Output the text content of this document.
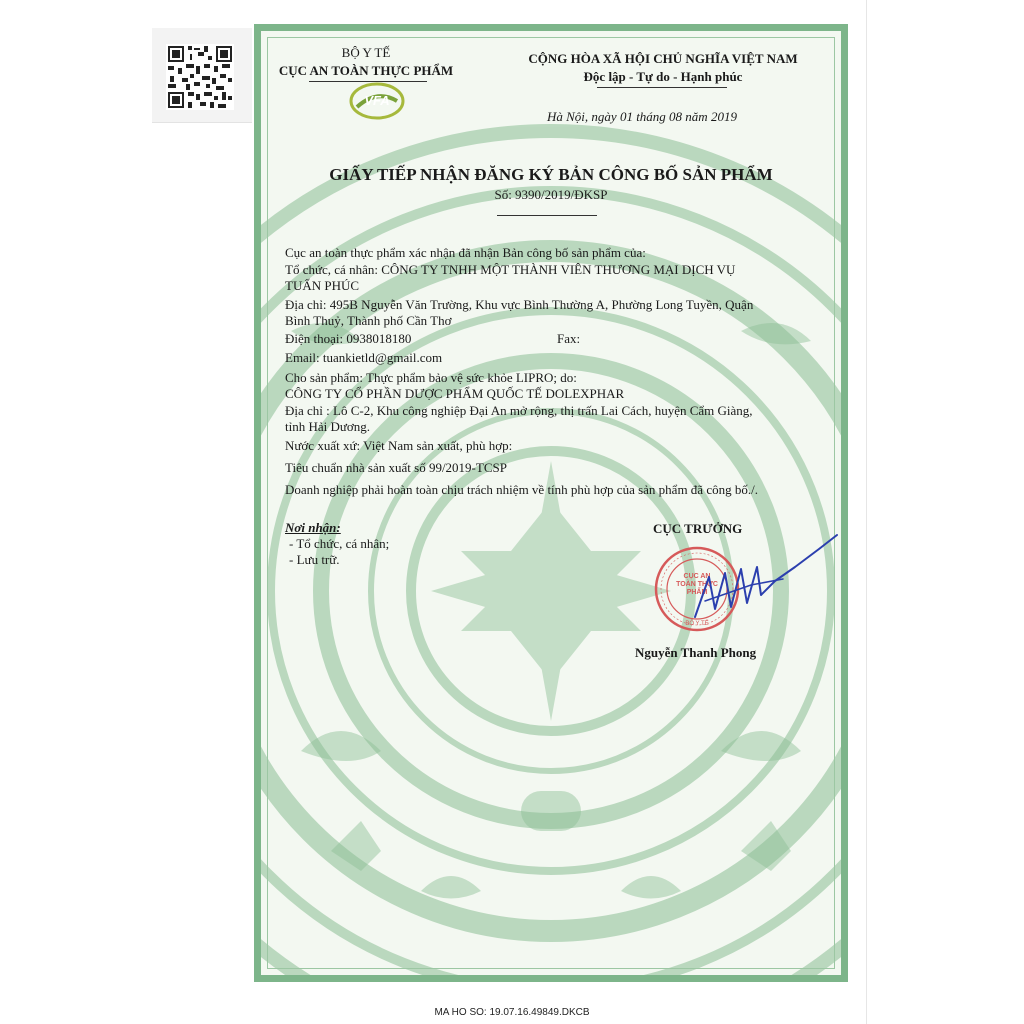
BỘ Y TẾ
CỤC AN TOÀN THỰC PHẨM
VFA
CỘNG HÒA XÃ HỘI CHỦ NGHĨA VIỆT NAM
Độc lập - Tự do - Hạnh phúc
Hà Nội, ngày 01 tháng 08 năm 2019
GIẤY TIẾP NHẬN ĐĂNG KÝ BẢN CÔNG BỐ SẢN PHẨM
Số: 9390/2019/ĐKSP
Cục an toàn thực phẩm xác nhận đã nhận Bản công bố sản phẩm của:
Tổ chức, cá nhân: CÔNG TY TNHH MỘT THÀNH VIÊN THƯƠNG MẠI DỊCH VỤ
TUẤN PHÚC
Địa chỉ: 495B Nguyễn Văn Trường, Khu vực Bình Thường A, Phường Long Tuyền, Quận
Bình Thuỷ, Thành phố Cần Thơ
Điện thoại: 0938018180	Fax:
Email: tuankietld@gmail.com
Cho sản phẩm: Thực phẩm bảo vệ sức khỏe LIPRO; do:
CÔNG TY CỔ PHẦN DƯỢC PHẨM QUỐC TẾ DOLEXPHAR
Địa chỉ : Lô C-2, Khu công nghiệp Đại An mở rộng, thị trấn Lai Cách, huyện Cẩm Giàng,
tỉnh Hải Dương.
Nước xuất xứ: Việt Nam sản xuất, phù hợp:
Tiêu chuẩn nhà sản xuất số 99/2019-TCSP
Doanh nghiệp phải hoàn toàn chịu trách nhiệm về tính phù hợp của sản phẩm đã công bố./.
Nơi nhận:
- Tổ chức, cá nhân;
- Lưu trữ.
CỤC TRƯỞNG
CỤC AN TOÀN THỰC PHẨM
BỘ Y TẾ
Nguyễn Thanh Phong
MA HO SO: 19.07.16.49849.DKCB
